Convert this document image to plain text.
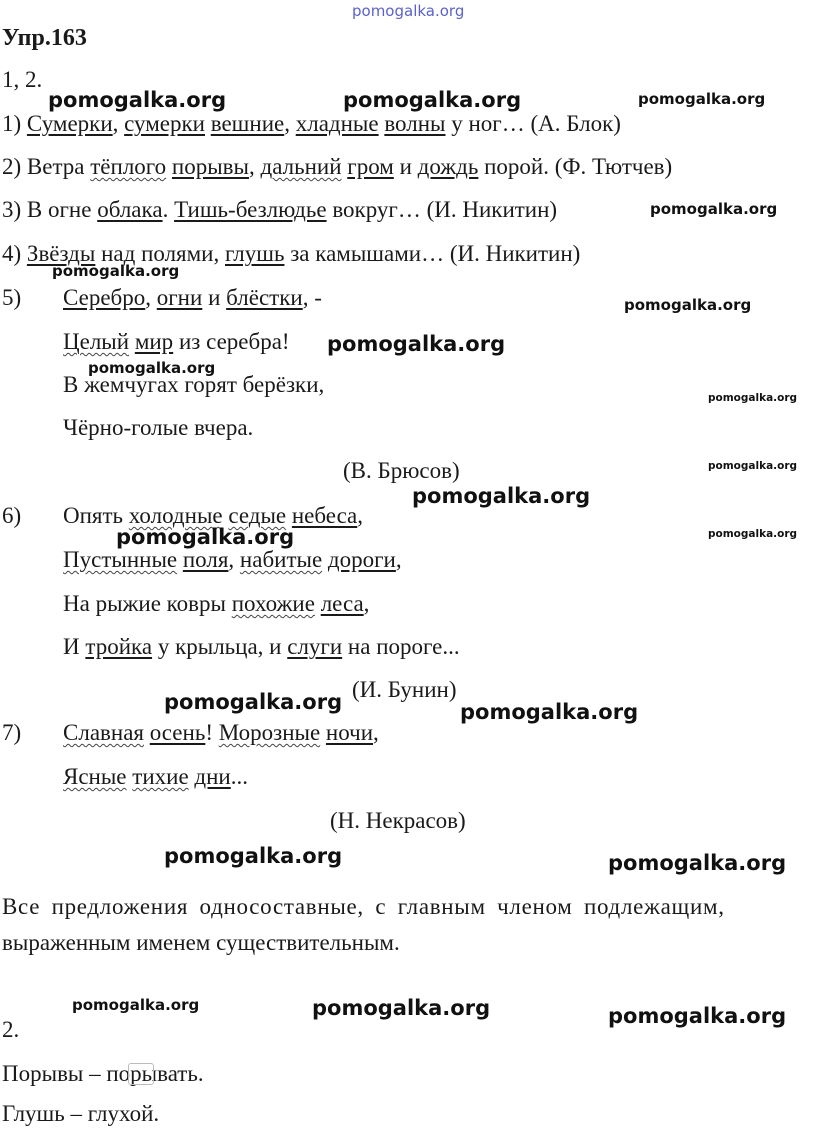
pomogalka.org
Упр.163
1, 2.
pomogalka.org	pomogalka.org	pomogalka.org
1) Сумерки, сумерки вешние, хладные волны у ног… (А. Блок)
2) Ветра тёплого порывы, дальний гром и дождь порой. (Ф. Тютчев)
3) В огне облака. Тишь-безлюдье вокруг… (И. Никитин)	pomogalka.org
4) Звёзды над полями, глушь за камышами… (И. Никитин)
pomogalka.org
5) Серебро, огни и блёстки, -	pomogalka.org
Целый мир из серебра! pomogalka.org
pomogalka.org
В жемчугах горят берёзки,
pomogalka.org
Чёрно-голые вчера.
(В. Брюсов)	pomogalka.org
pomogalka.org
6) Опять холодные седые небеса,
pomogalka.org
pomogalka.org
Пустынные поля, набитые дороги,
На рыжие ковры похожие леса,
И тройка у крыльца, и слуги на пороге...
(И. Бунин)
pomogalka.org	pomogalka.org
7) Славная осень! Морозные ночи,
Ясные тихие дни...
(Н. Некрасов)
pomogalka.org	pomogalka.org
Все предложения односоставные, с главным членом подлежащим,
выраженным именем существительным.
pomogalka.org	pomogalka.org	pomogalka.org
2.
Порывы – порывать.
Глушь – глухой.
